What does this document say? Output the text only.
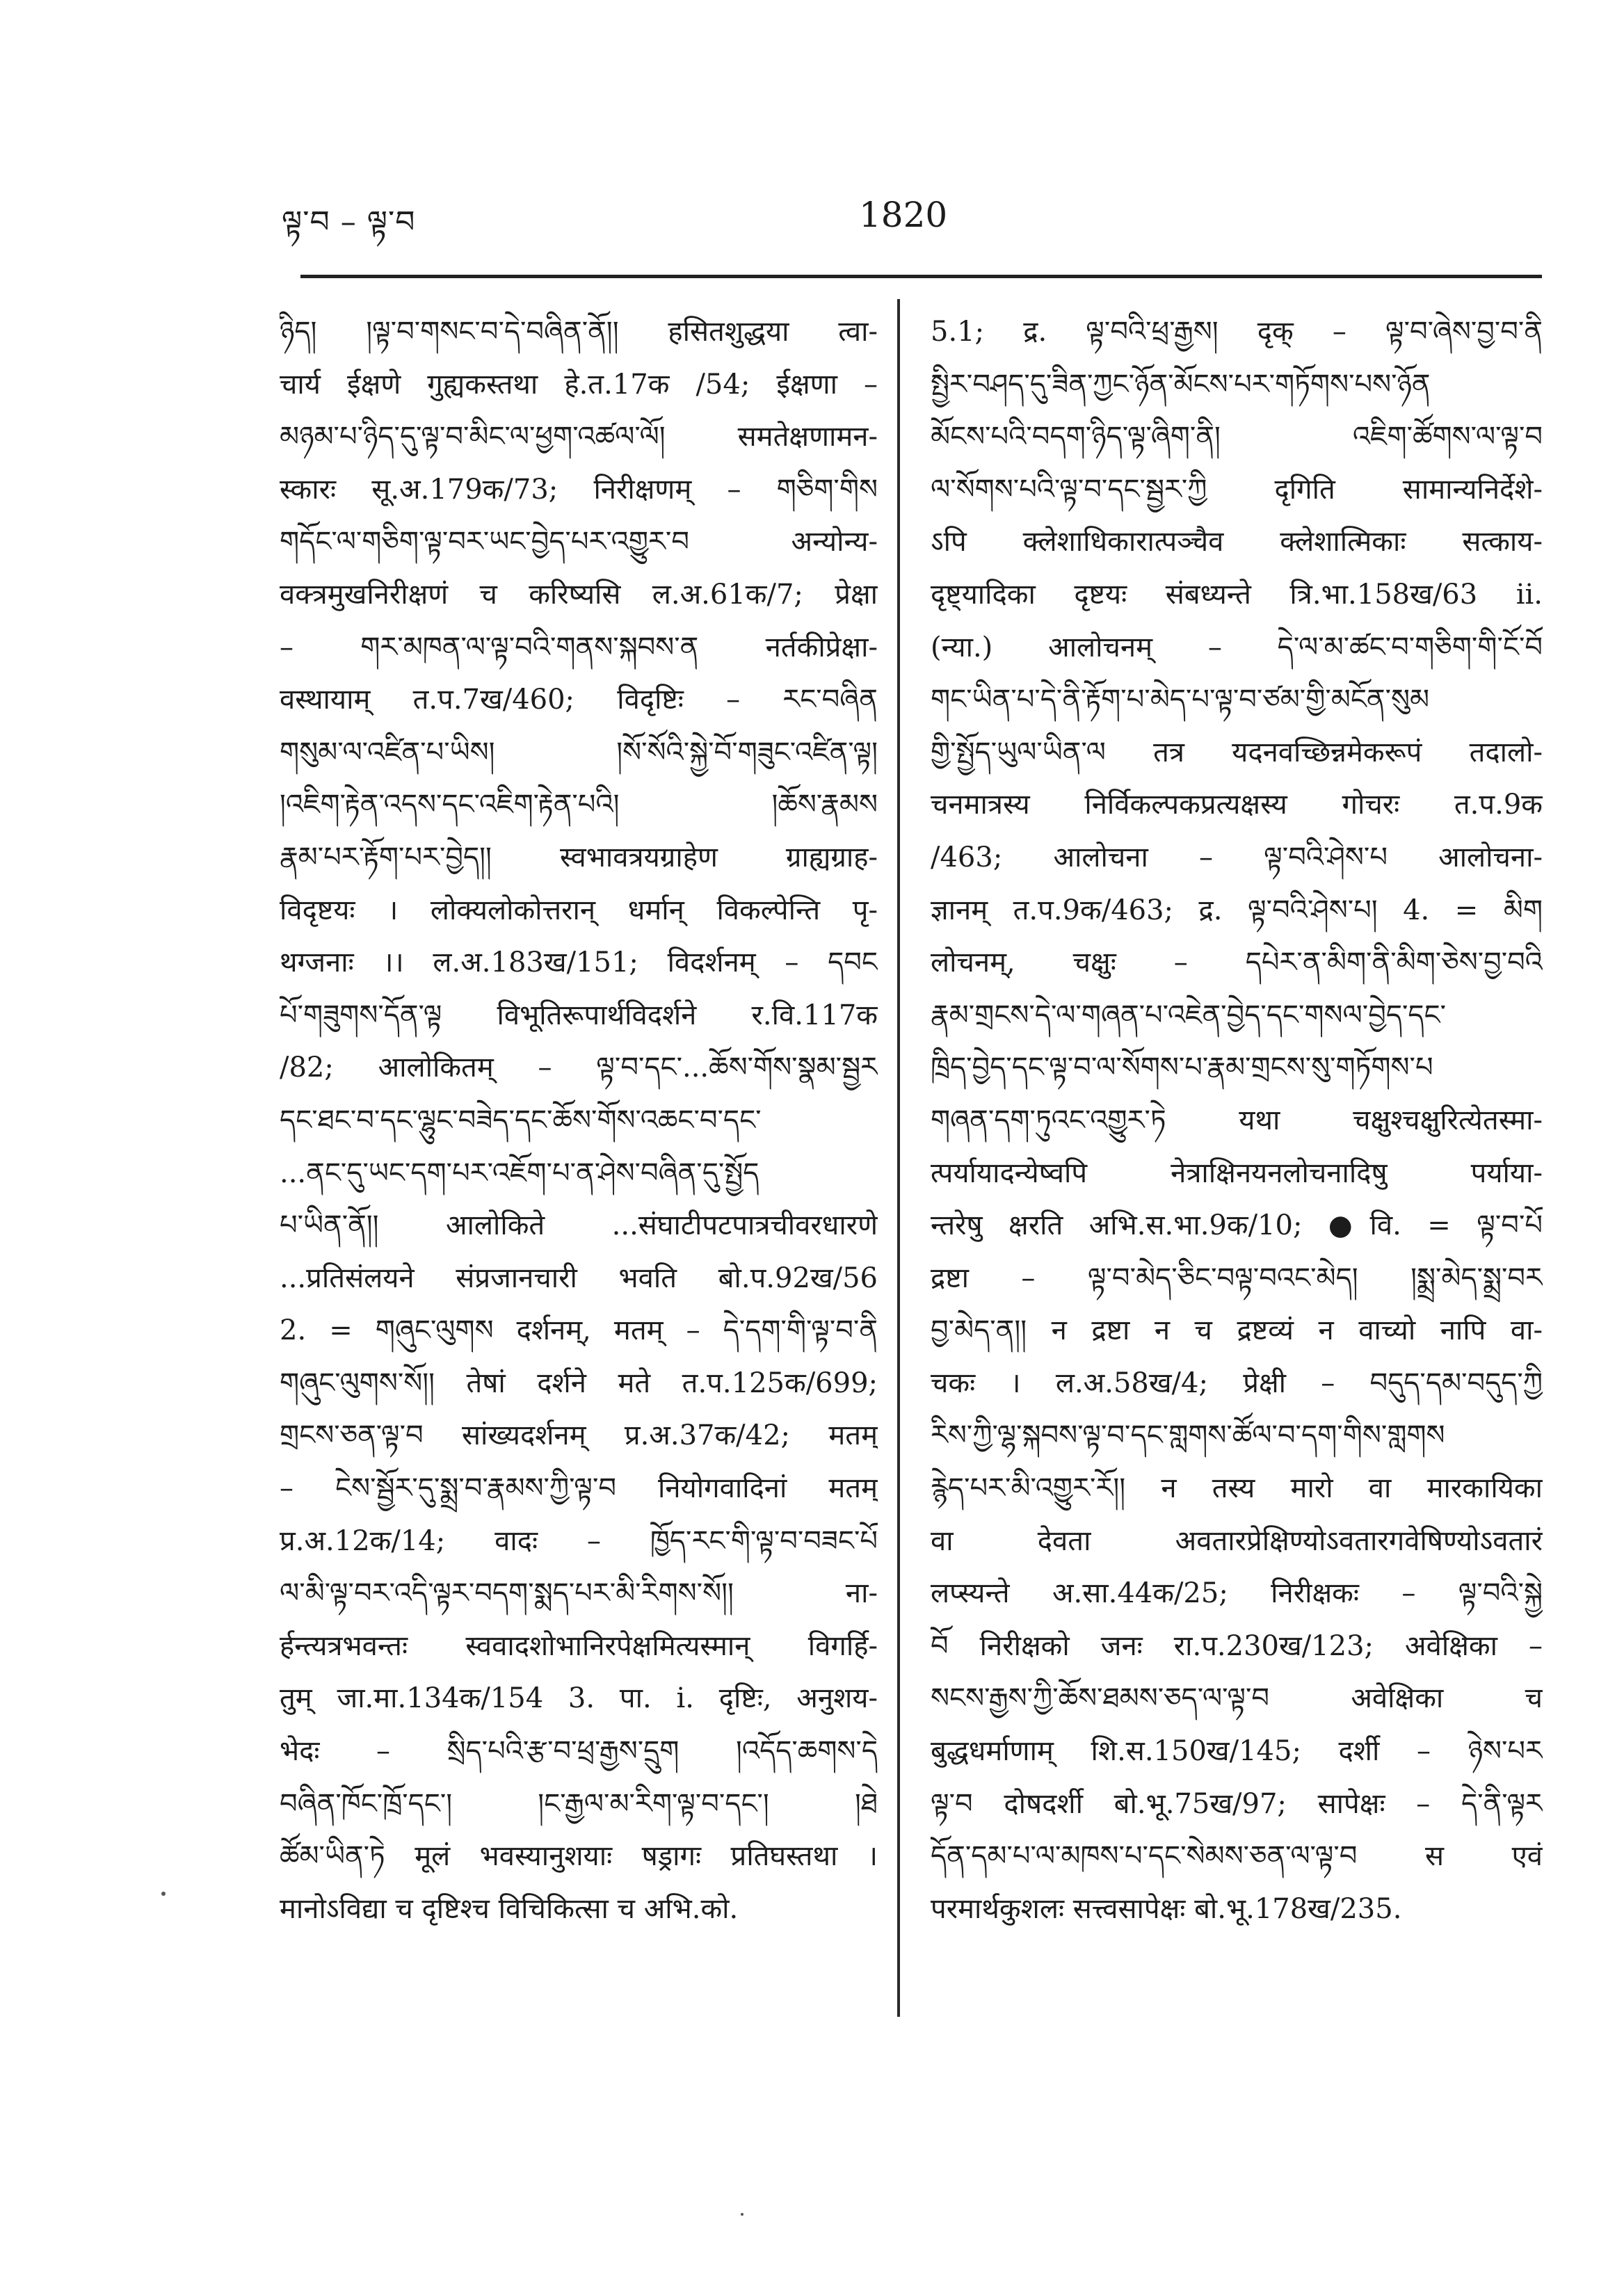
ལྟ་བ – ལྟ་བ	1820
ཉིད། །ལྟ་བ་གསང་བ་དེ་བཞིན་ནོ།། हसितशुद्धया त्वा-
चार्य ईक्षणे गुह्यकस्तथा हे.त.17क /54; ईक्षणा –
མཉམ་པ་ཉིད་དུ་ལྟ་བ་མིང་ལ་ཕྱག་འཚལ་ལོ། समतेक्षणामन-
स्कारः सू.अ.179क/73; निरीक्षणम् – གཅིག་གིས
གདོང་ལ་གཅིག་ལྟ་བར་ཡང་བྱེད་པར་འགྱུར་བ अन्योन्य-
वक्त्रमुखनिरीक्षणं च करिष्यसि ल.अ.61क/7; प्रेक्षा
– གར་མཁན་ལ་ལྟ་བའི་གནས་སྐབས་ན नर्तकीप्रेक्षा-
वस्थायाम् त.प.7ख/460; विदृष्टिः – རང་བཞིན
གསུམ་ལ་འཛིན་པ་ཡིས། །སོ་སོའི་སྐྱེ་བོ་གཟུང་འཛིན་ལྟ།
།འཇིག་རྟེན་འདས་དང་འཇིག་རྟེན་པའི། །ཆོས་རྣམས
རྣམ་པར་རྟོག་པར་བྱེད།། स्वभावत्रयग्राहेण ग्राह्यग्राह-
विदृष्टयः । लोक्यलोकोत्तरान् धर्मान् विकल्पेन्ति पृ-
थग्जनाः ।। ल.अ.183ख/151; विदर्शनम् – དབང
པོ་གཟུགས་དོན་ལྟ विभूतिरूपार्थविदर्शने र.वि.117क
/82; आलोकितम् – ལྟ་བ་དང་...ཆོས་གོས་སྣམ་སྦྱར
དང་ཐང་བ་དང་ལྷུང་བཟེད་དང་ཆོས་གོས་འཆང་བ་དང་
...ནང་དུ་ཡང་དག་པར་འཇོག་པ་ན་ཤེས་བཞིན་དུ་སྤྱོད
པ་ཡིན་ནོ།། आलोकिते ...संघाटीपटपात्रचीवरधारणे
...प्रतिसंलयने संप्रजानचारी भवति बो.प.92ख/56
2. = གཞུང་ལུགས दर्शनम्, मतम् – དེ་དག་གི་ལྟ་བ་ནི
གཞུང་ལུགས་སོ།། तेषां दर्शने मते त.प.125क/699;
གྲངས་ཅན་ལྟ་བ सांख्यदर्शनम् प्र.अ.37क/42; मतम्
– ངེས་སྦྱོར་དུ་སྨྲ་བ་རྣམས་ཀྱི་ལྟ་བ नियोगवादिनां मतम्
प्र.अ.12क/14; वादः – ཁྱོད་རང་གི་ལྟ་བ་བཟང་པོ
ལ་མི་ལྟ་བར་འདི་ལྟར་བདག་སྨད་པར་མི་རིགས་སོ།། ना-
र्हन्त्यत्रभवन्तः स्ववादशोभानिरपेक्षमित्यस्मान् विगर्हि-
तुम् जा.मा.134क/154 3. पा. i. दृष्टिः, अनुशय-
भेदः – སྲིད་པའི་རྩ་བ་ཕྲ་རྒྱས་དྲུག །འདོད་ཆགས་དེ
བཞིན་ཁོང་ཁྲོ་དང་། །ང་རྒྱལ་མ་རིག་ལྟ་བ་དང་། །ཐེ
ཚོམ་ཡིན་ཏེ मूलं भवस्यानुशयाः षड्रागः प्रतिघस्तथा ।
मानोऽविद्या च दृष्टिश्च विचिकित्सा च अभि.को.
5.1; द्र. ལྟ་བའི་ཕྲ་རྒྱས། दृक् – ལྟ་བ་ཞེས་བྱ་བ་ནི
སྤྱིར་བཤད་དུ་ཟིན་ཀྱང་ཉོན་མོངས་པར་གཏོགས་པས་ཉོན
མོངས་པའི་བདག་ཉིད་ལྟ་ཞིག་ནི། འཇིག་ཚོགས་ལ་ལྟ་བ
ལ་སོགས་པའི་ལྟ་བ་དང་སྦྱར་ཀྱི दृगिति सामान्यनिर्देशे-
ऽपि क्लेशाधिकारात्पञ्चैव क्लेशात्मिकाः सत्काय-
दृष्ट्यादिका दृष्टयः संबध्यन्ते त्रि.भा.158ख/63 ii.
(न्या.) आलोचनम् – དེ་ལ་མ་ཚང་བ་གཅིག་གི་ངོ་བོ
གང་ཡིན་པ་དེ་ནི་རྟོག་པ་མེད་པ་ལྟ་བ་ཙམ་གྱི་མངོན་སུམ
གྱི་སྤྱོད་ཡུལ་ཡིན་ལ तत्र यदनवच्छिन्नमेकरूपं तदालो-
चनमात्रस्य निर्विकल्पकप्रत्यक्षस्य गोचरः त.प.9क
/463; आलोचना – ལྟ་བའི་ཤེས་པ आलोचना-
ज्ञानम् त.प.9क/463; द्र. ལྟ་བའི་ཤེས་པ། 4. = མིག
लोचनम्, चक्षुः – དཔེར་ན་མིག་ནི་མིག་ཅེས་བྱ་བའི
རྣམ་གྲངས་དེ་ལ་གཞན་པ་འཇེན་བྱེད་དང་གསལ་བྱེད་དང་
ཁྲིད་བྱེད་དང་ལྟ་བ་ལ་སོགས་པ་རྣམ་གྲངས་སུ་གཏོགས་པ
གཞན་དག་ཏུའང་འགྱུར་ཏེ यथा चक्षुश्चक्षुरित्येतस्मा-
त्पर्यायादन्येष्वपि नेत्राक्षिनयनलोचनादिषु पर्याया-
न्तरेषु क्षरति अभि.स.भा.9क/10; ●वि. = ལྟ་བ་པོ
द्रष्टा – ལྟ་བ་མེད་ཅིང་བལྟ་བའང་མེད། །སྨྲ་མེད་སྨྲ་བར
བྱ་མེད་ན།། न द्रष्टा न च द्रष्टव्यं न वाच्यो नापि वा-
चकः । ल.अ.58ख/4; प्रेक्षी – བདུད་དམ་བདུད་ཀྱི
རིས་ཀྱི་ལྷ་སྐབས་ལྟ་བ་དང་གླགས་ཚོལ་བ་དག་གིས་གླགས
རྙེད་པར་མི་འགྱུར་རོ།། न तस्य मारो वा मारकायिका
वा देवता अवतारप्रेक्षिण्योऽवतारगवेषिण्योऽवतारं
लप्स्यन्ते अ.सा.44क/25; निरीक्षकः – ལྟ་བའི་སྐྱེ
བོ निरीक्षको जनः रा.प.230ख/123; अवेक्षिका –
སངས་རྒྱས་ཀྱི་ཆོས་ཐམས་ཅད་ལ་ལྟ་བ अवेक्षिका च
बुद्धधर्माणाम् शि.स.150ख/145; दर्शी – ཉེས་པར
ལྟ་བ दोषदर्शी बो.भू.75ख/97; सापेक्षः – དེ་ནི་ལྟར
དོན་དམ་པ་ལ་མཁས་པ་དང་སེམས་ཅན་ལ་ལྟ་བ स एवं
परमार्थकुशलः सत्त्वसापेक्षः बो.भू.178ख/235.
